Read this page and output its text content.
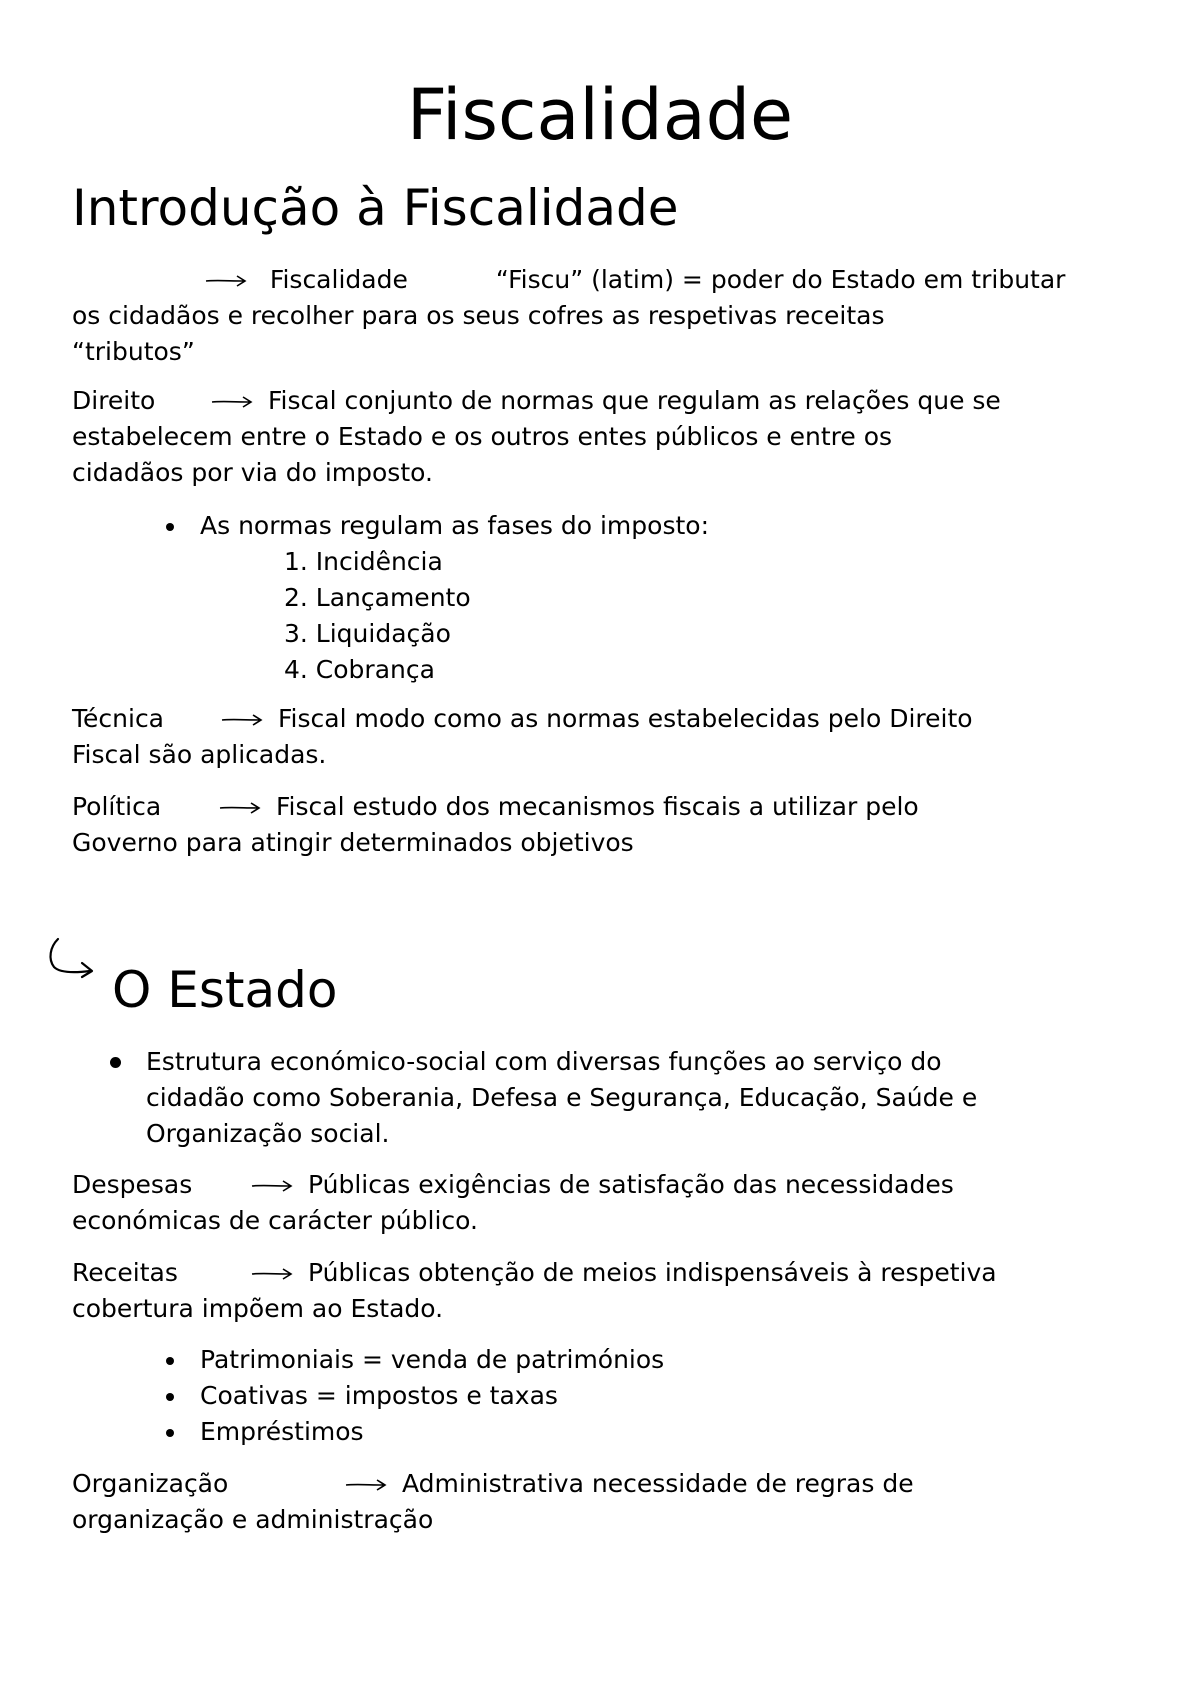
Fiscalidade
Introdução à Fiscalidade

Fiscalidade	“Fiscu” (latim) = poder do Estado em tributar
os cidadãos e recolher para os seus cofres as respetivas receitas
“tributos”
Direito	Fiscal conjunto de normas que regulam as relações que se
estabelecem entre o Estado e os outros entes públicos e entre os
cidadãos por via do imposto.
As normas regulam as fases do imposto:
1. Incidência
2. Lançamento
3. Liquidação
4. Cobrança
Técnica	Fiscal modo como as normas estabelecidas pelo Direito
Fiscal são aplicadas.
Política	Fiscal estudo dos mecanismos fiscais a utilizar pelo
Governo para atingir determinados objetivos
O Estado
Estrutura económico-social com diversas funções ao serviço do
cidadão como Soberania, Defesa e Segurança, Educação, Saúde e
Organização social.
Despesas	Públicas exigências de satisfação das necessidades
económicas de carácter público.
Receitas	Públicas obtenção de meios indispensáveis à respetiva
cobertura impõem ao Estado.
Patrimoniais = venda de patrimónios
Coativas = impostos e taxas
Empréstimos
Organização	Administrativa necessidade de regras de
organização e administração
